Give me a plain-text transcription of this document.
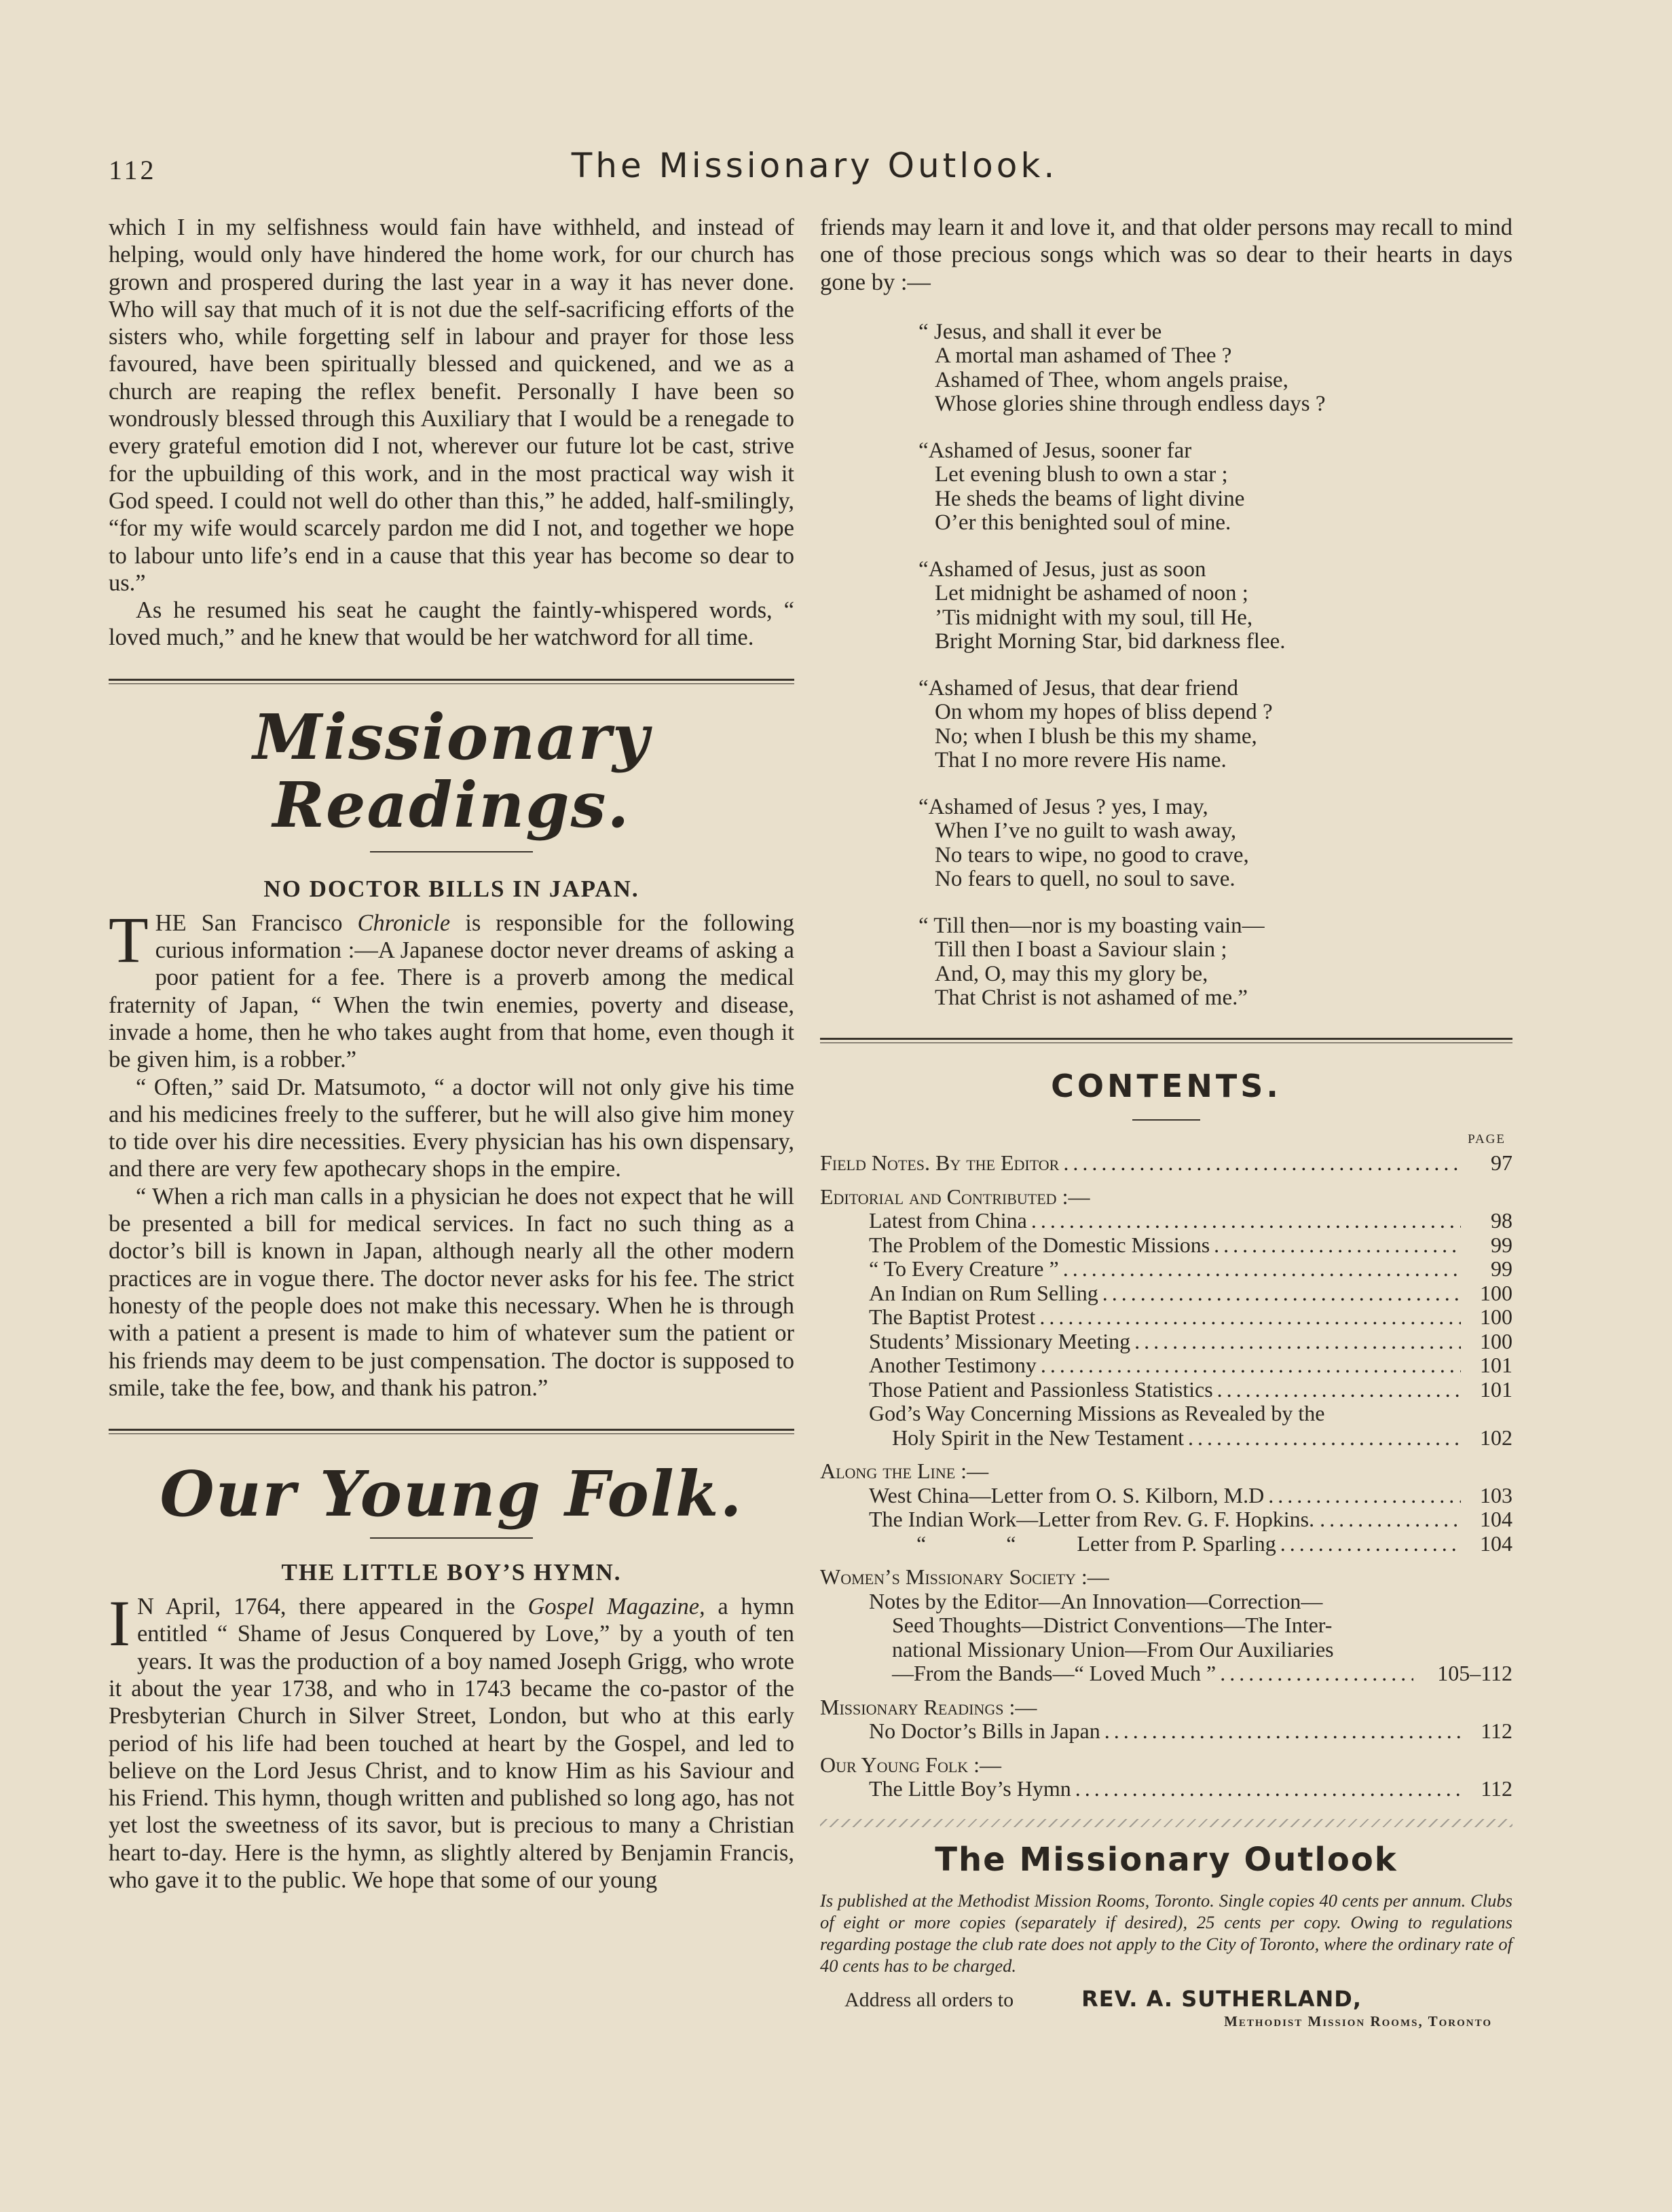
112	The Missionary Outlook.

which I in my selfishness would fain have withheld, and instead of helping, would only have hindered the home work, for our church has grown and prospered during the last year in a way it has never done. Who will say that much of it is not due the self-sacrificing efforts of the sisters who, while forgetting self in labour and prayer for those less favoured, have been spiritually blessed and quickened, and we as a church are reaping the reflex benefit. Personally I have been so wondrously blessed through this Auxiliary that I would be a renegade to every grateful emotion did I not, wherever our future lot be cast, strive for the upbuilding of this work, and in the most practical way wish it God speed. I could not well do other than this,” he added, half-smilingly, “for my wife would scarcely pardon me did I not, and together we hope to labour unto life’s end in a cause that this year has become so dear to us.”

As he resumed his seat he caught the faintly-whispered words, “ loved much,” and he knew that would be her watchword for all time.

Missionary Readings.
NO DOCTOR BILLS IN JAPAN.

THE San Francisco Chronicle is responsible for the following curious information :—A Japanese doctor never dreams of asking a poor patient for a fee. There is a proverb among the medical fraternity of Japan, “ When the twin enemies, poverty and disease, invade a home, then he who takes aught from that home, even though it be given him, is a robber.”

“ Often,” said Dr. Matsumoto, “ a doctor will not only give his time and his medicines freely to the sufferer, but he will also give him money to tide over his dire necessities. Every physician has his own dispensary, and there are very few apothecary shops in the empire.

“ When a rich man calls in a physician he does not expect that he will be presented a bill for medical services. In fact no such thing as a doctor’s bill is known in Japan, although nearly all the other modern practices are in vogue there. The doctor never asks for his fee. The strict honesty of the people does not make this necessary. When he is through with a patient a present is made to him of whatever sum the patient or his friends may deem to be just compensation. The doctor is supposed to smile, take the fee, bow, and thank his patron.”

Our Young Folk.
THE LITTLE BOY’S HYMN.

I N April, 1764, there appeared in the Gospel Magazine, a hymn entitled “ Shame of Jesus Conquered by Love,” by a youth of ten years. It was the production of a boy named Joseph Grigg, who wrote it about the year 1738, and who in 1743 became the co-pastor of the Presbyterian Church in Silver Street, London, but who at this early period of his life had been touched at heart by the Gospel, and led to believe on the Lord Jesus Christ, and to know Him as his Saviour and his Friend. This hymn, though written and published so long ago, has not yet lost the sweetness of its savor, but is precious to many a Christian heart to-day. Here is the hymn, as slightly altered by Benjamin Francis, who gave it to the public. We hope that some of our young

friends may learn it and love it, and that older persons may recall to mind one of those precious songs which was so dear to their hearts in days gone by :—

“ Jesus, and shall it ever be
A mortal man ashamed of Thee ?
Ashamed of Thee, whom angels praise,
Whose glories shine through endless days ?
“Ashamed of Jesus, sooner far
Let evening blush to own a star ;
He sheds the beams of light divine
O’er this benighted soul of mine.
“Ashamed of Jesus, just as soon
Let midnight be ashamed of noon ;
’Tis midnight with my soul, till He,
Bright Morning Star, bid darkness flee.
“Ashamed of Jesus, that dear friend
On whom my hopes of bliss depend ?
No; when I blush be this my shame,
That I no more revere His name.
“Ashamed of Jesus ? yes, I may,
When I’ve no guilt to wash away,
No tears to wipe, no good to crave,
No fears to quell, no soul to save.
“ Till then—nor is my boasting vain—
Till then I boast a Saviour slain ;
And, O, may this my glory be,
That Christ is not ashamed of me.”
CONTENTS.
PAGE
Field Notes. By the Editor . . .	97
Editorial and Contributed :—
Latest from China . . .	98
The Problem of the Domestic Missions . . .	99
“ To Every Creature ” . . .	99
An Indian on Rum Selling . . .	100
The Baptist Protest . . .	100
Students’ Missionary Meeting . . .	100
Another Testimony . . .	101
Those Patient and Passionless Statistics . . .	101
God’s Way Concerning Missions as Revealed by the
Holy Spirit in the New Testament . . .	102
Along the Line :—
West China—Letter from O. S. Kilborn, M.D . . .	103
The Indian Work—Letter from Rev. G. F. Hopkins. . . . .	104
“ “	Letter from P. Sparling . . .	104
Women’s Missionary Society :—
Notes by the Editor—An Innovation—Correction—
Seed Thoughts—District Conventions—The Inter-
national Missionary Union—From Our Auxiliaries
—From the Bands—“ Loved Much ” . . .	105–112
Missionary Readings :—
No Doctor’s Bills in Japan . . .	112
Our Young Folk :—
The Little Boy’s Hymn . . .	112
The Missionary Outlook

Is published at the Methodist Mission Rooms, Toronto. Single copies 40 cents per annum. Clubs of eight or more copies (separately if desired), 25 cents per copy. Owing to regulations regarding postage the club rate does not apply to the City of Toronto, where the ordinary rate of 40 cents has to be charged.

Address all orders to	REV. A. SUTHERLAND,
Methodist Mission Rooms, Toronto
